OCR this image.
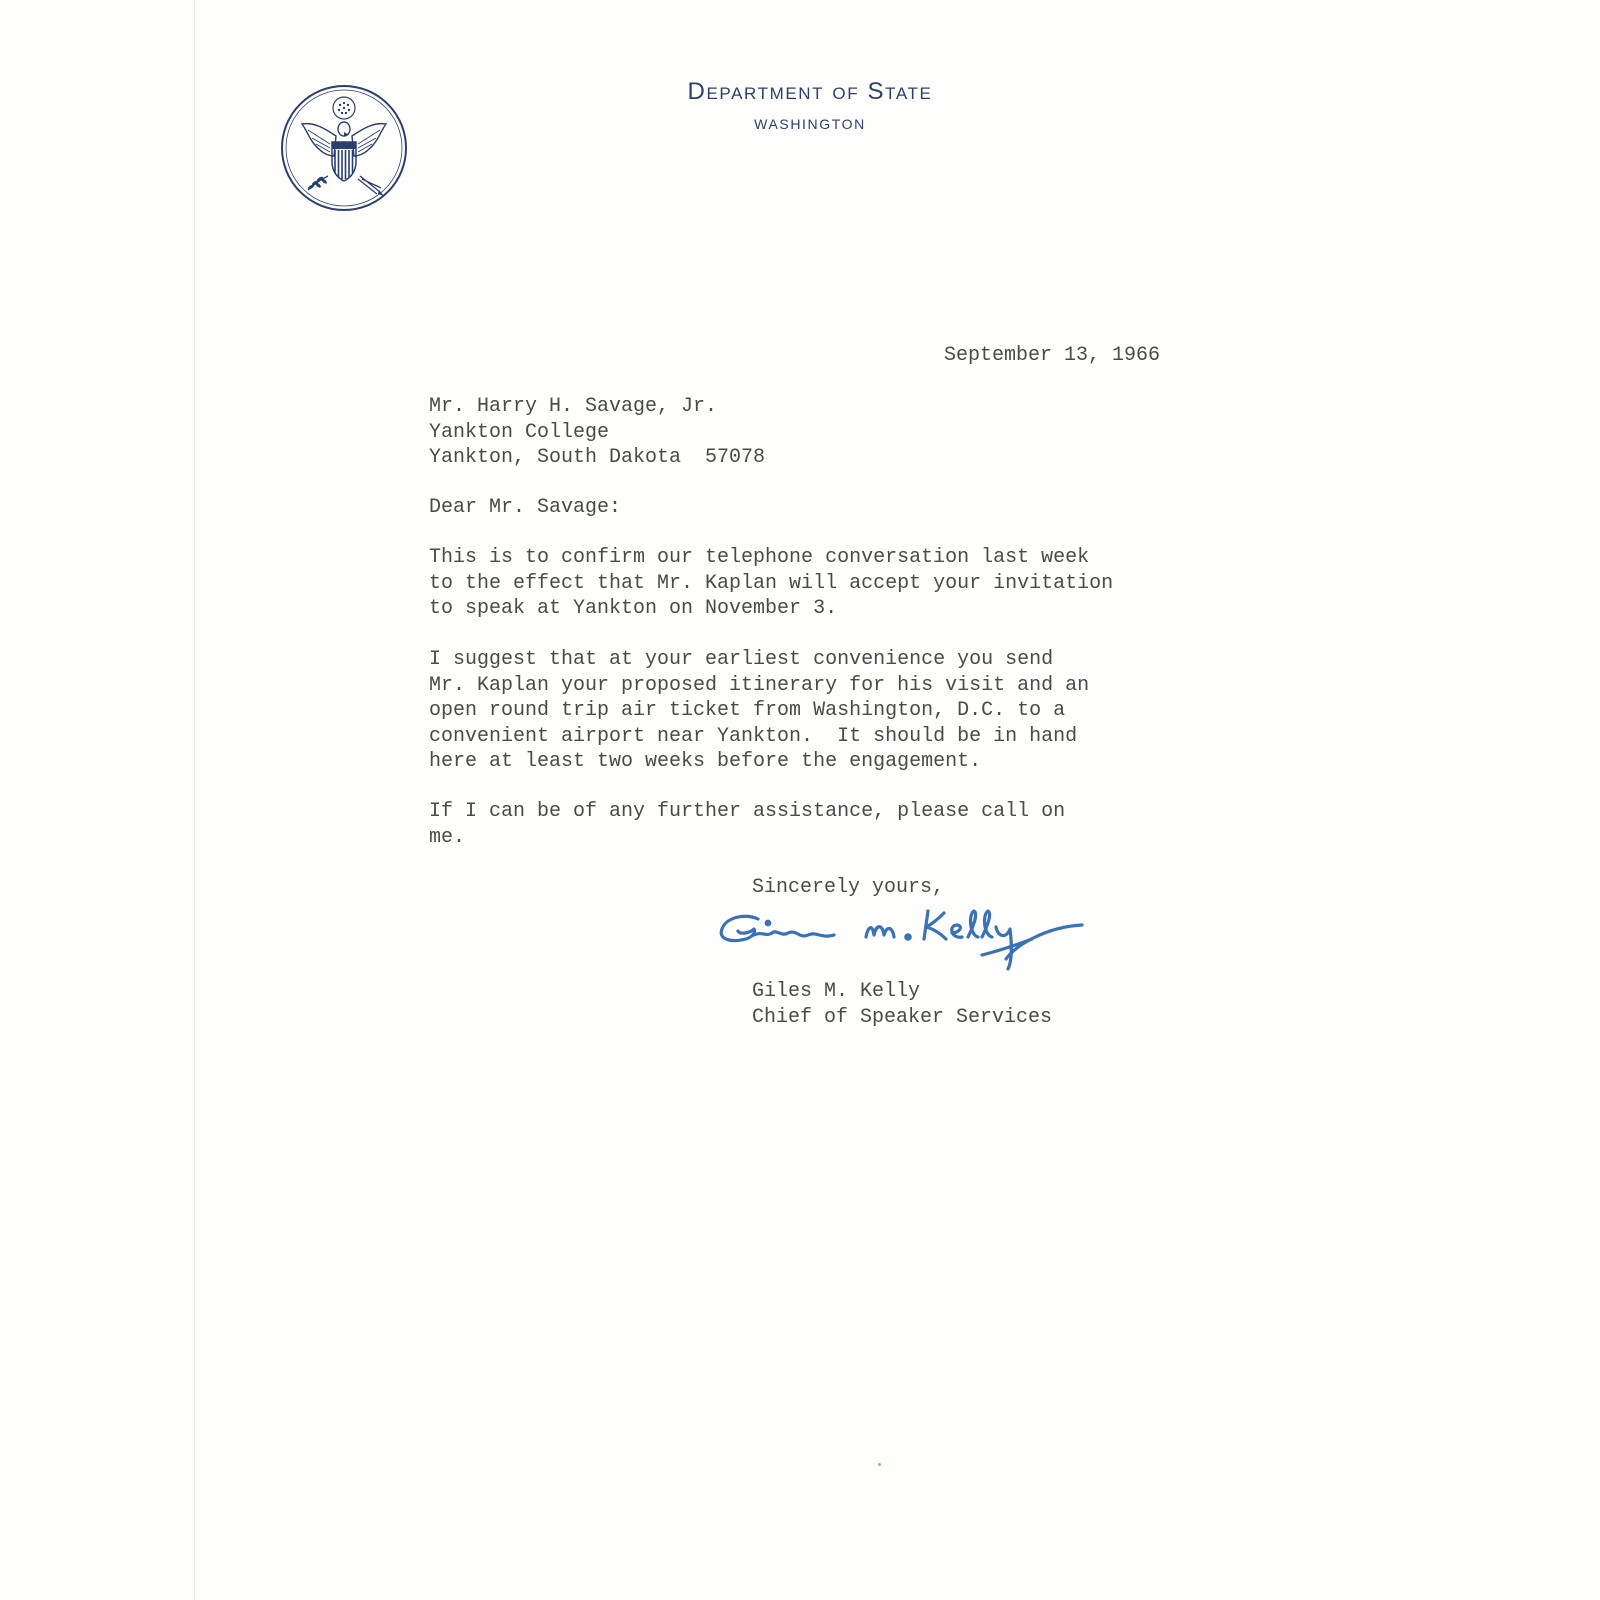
Department of State
WASHINGTON
September 13, 1966
Mr. Harry H. Savage, Jr.
Yankton College
Yankton, South Dakota  57078
Dear Mr. Savage:
This is to confirm our telephone conversation last week
to the effect that Mr. Kaplan will accept your invitation
to speak at Yankton on November 3.
I suggest that at your earliest convenience you send
Mr. Kaplan your proposed itinerary for his visit and an
open round trip air ticket from Washington, D.C. to a
convenient airport near Yankton.  It should be in hand
here at least two weeks before the engagement.
If I can be of any further assistance, please call on
me.
Sincerely yours,
Giles M. Kelly
Chief of Speaker Services
